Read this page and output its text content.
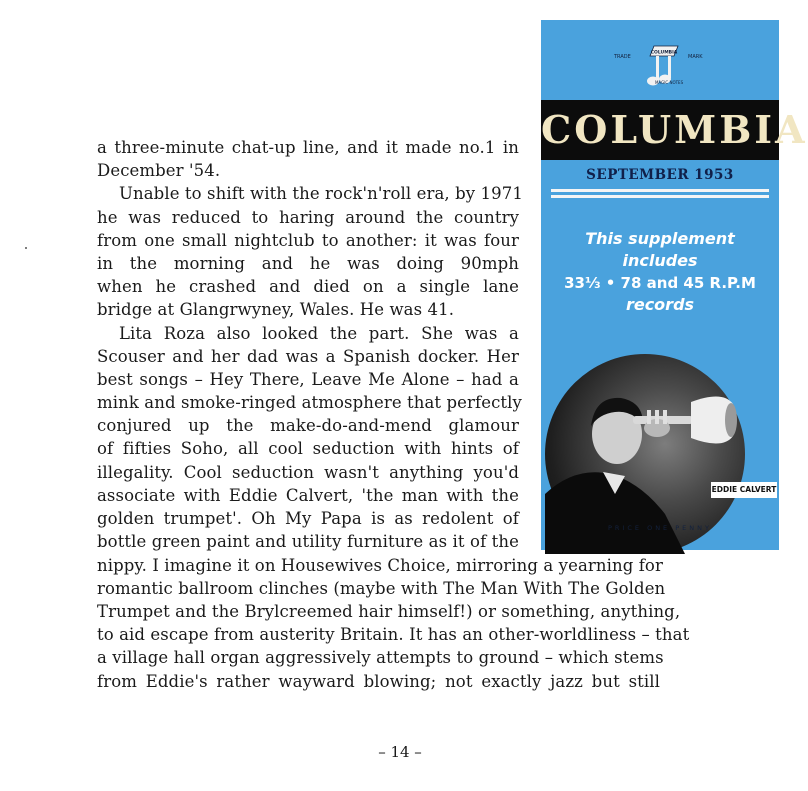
a three-minute chat-up line, and it made no.1 in
December '54.
Unable to shift with the rock'n'roll era, by 1971
he was reduced to haring around the country
from one small nightclub to another: it was four
in the morning and he was doing 90mph
when he crashed and died on a single lane
bridge at Glangrwyney, Wales. He was 41.
Lita Roza also looked the part. She was a
Scouser and her dad was a Spanish docker. Her
best songs – Hey There, Leave Me Alone – had a
mink and smoke-ringed atmosphere that perfectly
conjured up the make-do-and-mend glamour
of fifties Soho, all cool seduction with hints of
illegality. Cool seduction wasn't anything you'd
associate with Eddie Calvert, 'the man with the
golden trumpet'. Oh My Papa is as redolent of
bottle green paint and utility furniture as it of the
nippy. I imagine it on Housewives Choice, mirroring a yearning for
romantic ballroom clinches (maybe with The Man With The Golden
Trumpet and the Brylcreemed hair himself!) or something, anything,
to aid escape from austerity Britain. It has an other-worldliness – that
a village hall organ aggressively attempts to ground – which stems
from Eddie's rather wayward blowing; not exactly jazz but still
– 14 –
TRADE	MARK
COLUMBIA
MAGIC NOTES
COLUMBIA
SEPTEMBER 1953
This supplement
includes
33⅓ • 78 and 45 R.P.M
records
EDDIE CALVERT
PRICE ONE PENNY
